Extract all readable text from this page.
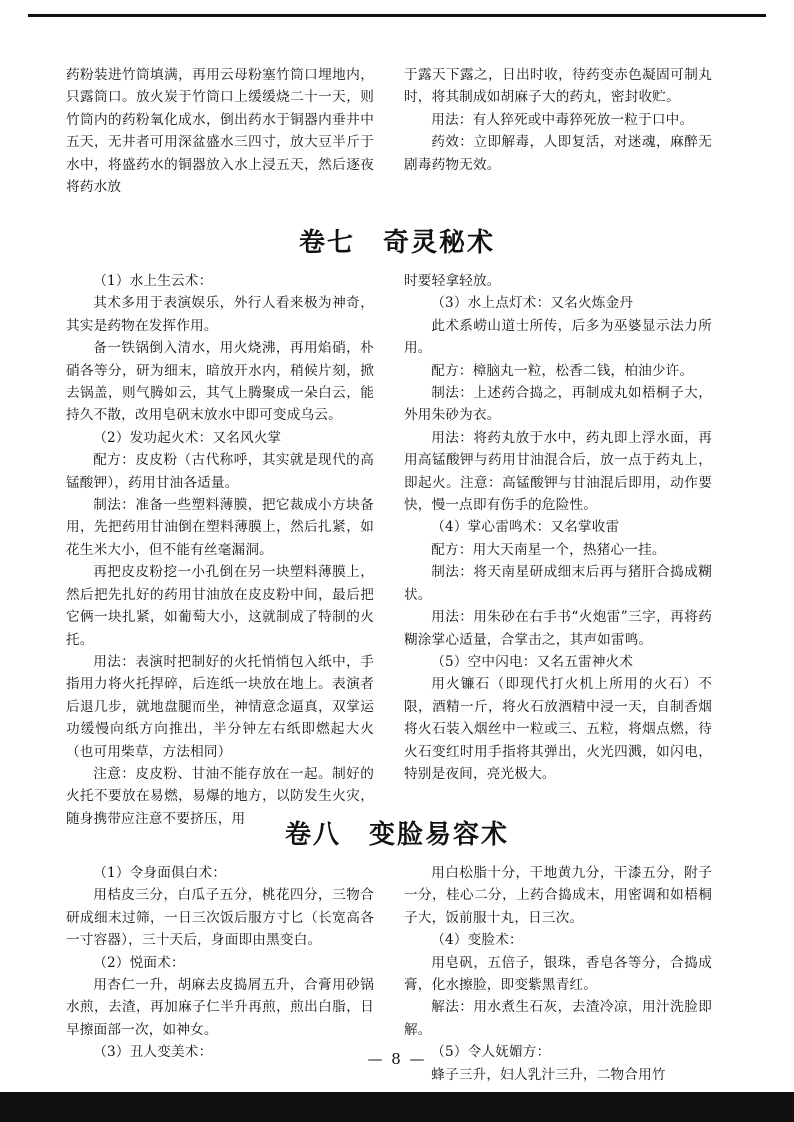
药粉装进竹筒填满，再用云母粉塞竹筒口埋地内，只露筒口。放火炭于竹筒口上缓缓烧二十一天，则竹筒内的药粉氧化成水，倒出药水于铜器内垂井中五天，无井者可用深盆盛水三四寸，放大豆半斤于水中，将盛药水的铜器放入水上浸五天，然后逐夜将药水放

于露天下露之，日出时收，待药变赤色凝固可制丸时，将其制成如胡麻子大的药丸，密封收贮。

用法：有人猝死或中毒猝死放一粒于口中。

药效：立即解毒，人即复活，对迷魂，麻醉无剧毒药物无效。

卷七　奇灵秘术

（1）水上生云术：

其术多用于表演娱乐，外行人看来极为神奇，其实是药物在发挥作用。

备一铁锅倒入清水，用火烧沸，再用焰硝，朴硝各等分，研为细末，暗放开水内，稍候片刻，掀去锅盖，则气腾如云，其气上腾聚成一朵白云，能持久不散，改用皂矾末放水中即可变成乌云。

（2）发功起火术：又名风火掌

配方：皮皮粉（古代称呼，其实就是现代的高锰酸钾），药用甘油各适量。

制法：准备一些塑料薄膜，把它裁成小方块备用，先把药用甘油倒在塑料薄膜上，然后扎紧，如花生米大小，但不能有丝毫漏洞。

再把皮皮粉挖一小孔倒在另一块塑料薄膜上，然后把先扎好的药用甘油放在皮皮粉中间，最后把它俩一块扎紧，如葡萄大小，这就制成了特制的火托。

用法：表演时把制好的火托悄悄包入纸中，手指用力将火托捍碎，后连纸一块放在地上。表演者后退几步，就地盘腿而坐，神情意念逼真，双掌运功缓慢向纸方向推出，半分钟左右纸即燃起大火（也可用柴草，方法相同）

注意：皮皮粉、甘油不能存放在一起。制好的火托不要放在易燃，易爆的地方，以防发生火灾，随身携带应注意不要挤压，用

时要轻拿轻放。

（3）水上点灯术：又名火炼金丹

此术系崂山道士所传，后多为巫婆显示法力所用。

配方：樟脑丸一粒，松香二钱，柏油少许。

制法：上述药合捣之，再制成丸如梧桐子大，外用朱砂为衣。

用法：将药丸放于水中，药丸即上浮水面，再用高锰酸钾与药用甘油混合后，放一点于药丸上，即起火。注意：高锰酸钾与甘油混后即用，动作要快，慢一点即有伤手的危险性。

（4）掌心雷鸣术：又名掌收雷

配方：用大天南星一个，热猪心一挂。

制法：将天南星研成细末后再与猪肝合捣成糊状。

用法：用朱砂在右手书“火炮雷”三字，再将药糊涂掌心适量，合掌击之，其声如雷鸣。

（5）空中闪电：又名五雷神火术

用火镰石（即现代打火机上所用的火石）不限，酒精一斤，将火石放酒精中浸一天，自制香烟将火石装入烟丝中一粒或三、五粒，将烟点燃，待火石变红时用手指将其弹出，火光四溅，如闪电，特别是夜间，亮光极大。

卷八　变脸易容术

（1）令身面俱白术：

用桔皮三分，白瓜子五分，桃花四分，三物合研成细末过筛，一日三次饭后服方寸匕（长宽高各一寸容器），三十天后，身面即由黑变白。

（2）悦面术：

用杏仁一升，胡麻去皮捣屑五升，合膏用砂锅水煎，去渣，再加麻子仁半升再煎，煎出白脂，日早擦面部一次，如神女。

（3）丑人变美术：

用白松脂十分，干地黄九分，干漆五分，附子一分，桂心二分，上药合捣成末，用密调和如梧桐子大，饭前服十丸，日三次。

（4）变脸术：

用皂矾，五倍子，银珠，香皂各等分，合捣成膏，化水擦脸，即变紫黑青红。

解法：用水煮生石灰，去渣冷凉，用汁洗脸即解。

（5）令人妩媚方：

蜂子三升，妇人乳汁三升，二物合用竹

— 8 —
